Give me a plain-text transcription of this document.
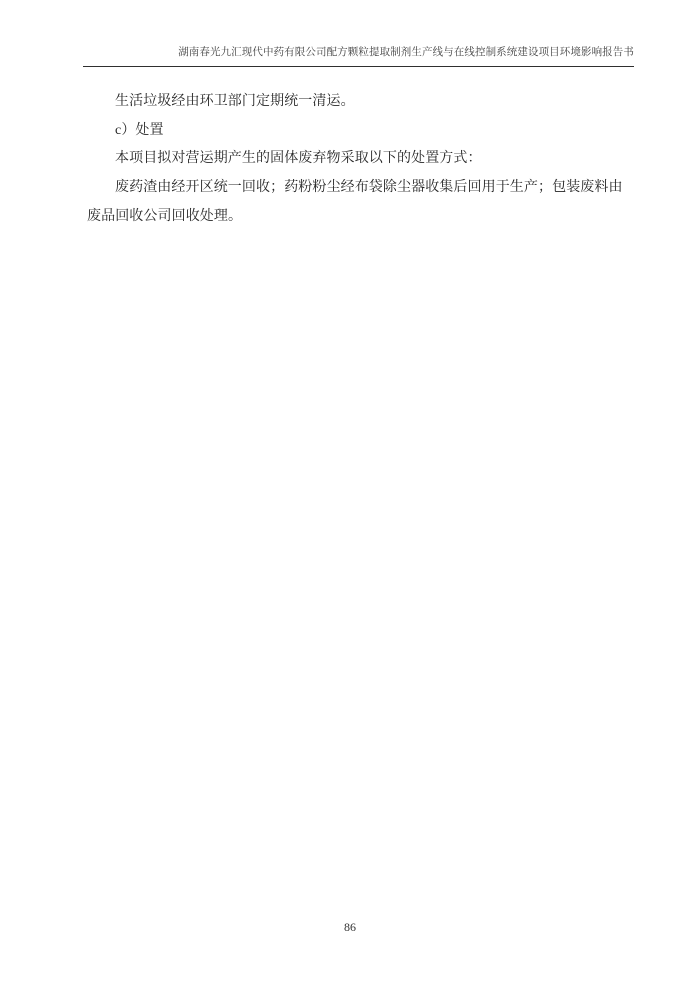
湖南春光九汇现代中药有限公司配方颗粒提取制剂生产线与在线控制系统建设项目环境影响报告书

生活垃圾经由环卫部门定期统一清运。

c）处置

本项目拟对营运期产生的固体废弃物采取以下的处置方式：

废药渣由经开区统一回收；药粉粉尘经布袋除尘器收集后回用于生产；包装废料由废品回收公司回收处理。

86
